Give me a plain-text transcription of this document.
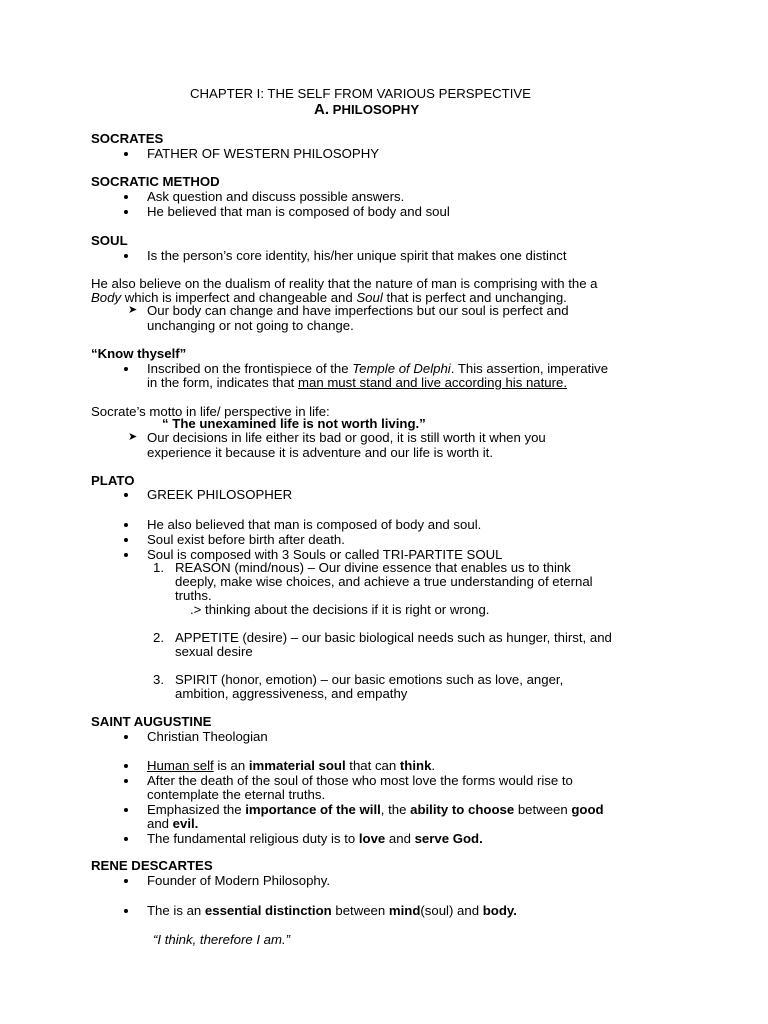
CHAPTER I: THE SELF FROM VARIOUS PERSPECTIVE
A. PHILOSOPHY
SOCRATES
FATHER OF WESTERN PHILOSOPHY
SOCRATIC METHOD
Ask question and discuss possible answers.
He believed that man is composed of body and soul
SOUL
Is the person’s core identity, his/her unique spirit that makes one distinct
He also believe on the dualism of reality that the nature of man is comprising with the a
Body which is imperfect and changeable and Soul that is perfect and unchanging.
➤ Our body can change and have imperfections but our soul is perfect and
unchanging or not going to change.
“Know thyself”
Inscribed on the frontispiece of the Temple of Delphi. This assertion, imperative
in the form, indicates that man must stand and live according his nature.
Socrate’s motto in life/ perspective in life:
“ The unexamined life is not worth living.”
➤ Our decisions in life either its bad or good, it is still worth it when you
experience it because it is adventure and our life is worth it.
PLATO
GREEK PHILOSOPHER
He also believed that man is composed of body and soul.
Soul exist before birth after death.
Soul is composed with 3 Souls or called TRI-PARTITE SOUL
1. REASON (mind/nous) – Our divine essence that enables us to think
deeply, make wise choices, and achieve a true understanding of eternal
truths.
.> thinking about the decisions if it is right or wrong.
2. APPETITE (desire) – our basic biological needs such as hunger, thirst, and
sexual desire
3. SPIRIT (honor, emotion) – our basic emotions such as love, anger,
ambition, aggressiveness, and empathy
SAINT AUGUSTINE
Christian Theologian
Human self is an immaterial soul that can think.
After the death of the soul of those who most love the forms would rise to
contemplate the eternal truths.
Emphasized the importance of the will, the ability to choose between good
and evil.
The fundamental religious duty is to love and serve God.
RENE DESCARTES
Founder of Modern Philosophy.
The is an essential distinction between mind(soul) and body.
“I think, therefore I am.”
